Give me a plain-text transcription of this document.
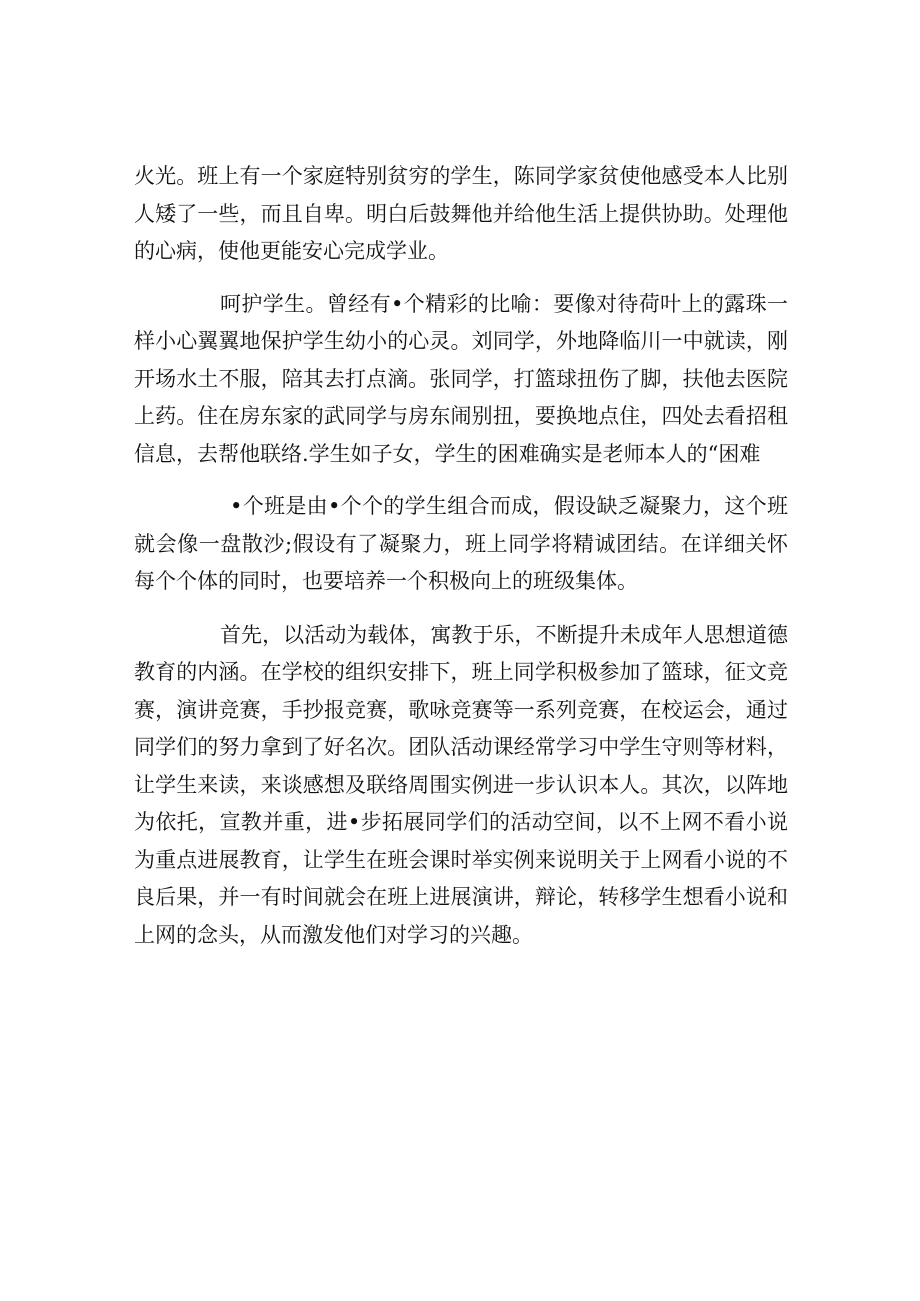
火光。班上有一个家庭特别贫穷的学生，陈同学家贫使他感受本人比别人矮了一些，而且自卑。明白后鼓舞他并给他生活上提供协助。处理他的心病，使他更能安心完成学业。

呵护学生。曾经有•个精彩的比喻：要像对待荷叶上的露珠一样小心翼翼地保护学生幼小的心灵。刘同学，外地降临川一中就读，刚开场水土不服，陪其去打点滴。张同学，打篮球扭伤了脚，扶他去医院上药。住在房东家的武同学与房东闹别扭，要换地点住，四处去看招租信息，去帮他联络.学生如子女，学生的困难确实是老师本人的“困难

•个班是由•个个的学生组合而成，假设缺乏凝聚力，这个班就会像一盘散沙;假设有了凝聚力，班上同学将精诚团结。在详细关怀每个个体的同时，也要培养一个积极向上的班级集体。

首先，以活动为载体，寓教于乐，不断提升未成年人思想道德教育的内涵。在学校的组织安排下，班上同学积极参加了篮球，征文竞赛，演讲竞赛，手抄报竞赛，歌咏竞赛等一系列竞赛，在校运会，通过同学们的努力拿到了好名次。团队活动课经常学习中学生守则等材料，让学生来读，来谈感想及联络周围实例进一步认识本人。其次，以阵地为依托，宣教并重，进•步拓展同学们的活动空间，以不上网不看小说为重点进展教育，让学生在班会课时举实例来说明关于上网看小说的不良后果，并一有时间就会在班上进展演讲，辩论，转移学生想看小说和上网的念头，从而激发他们对学习的兴趣。
